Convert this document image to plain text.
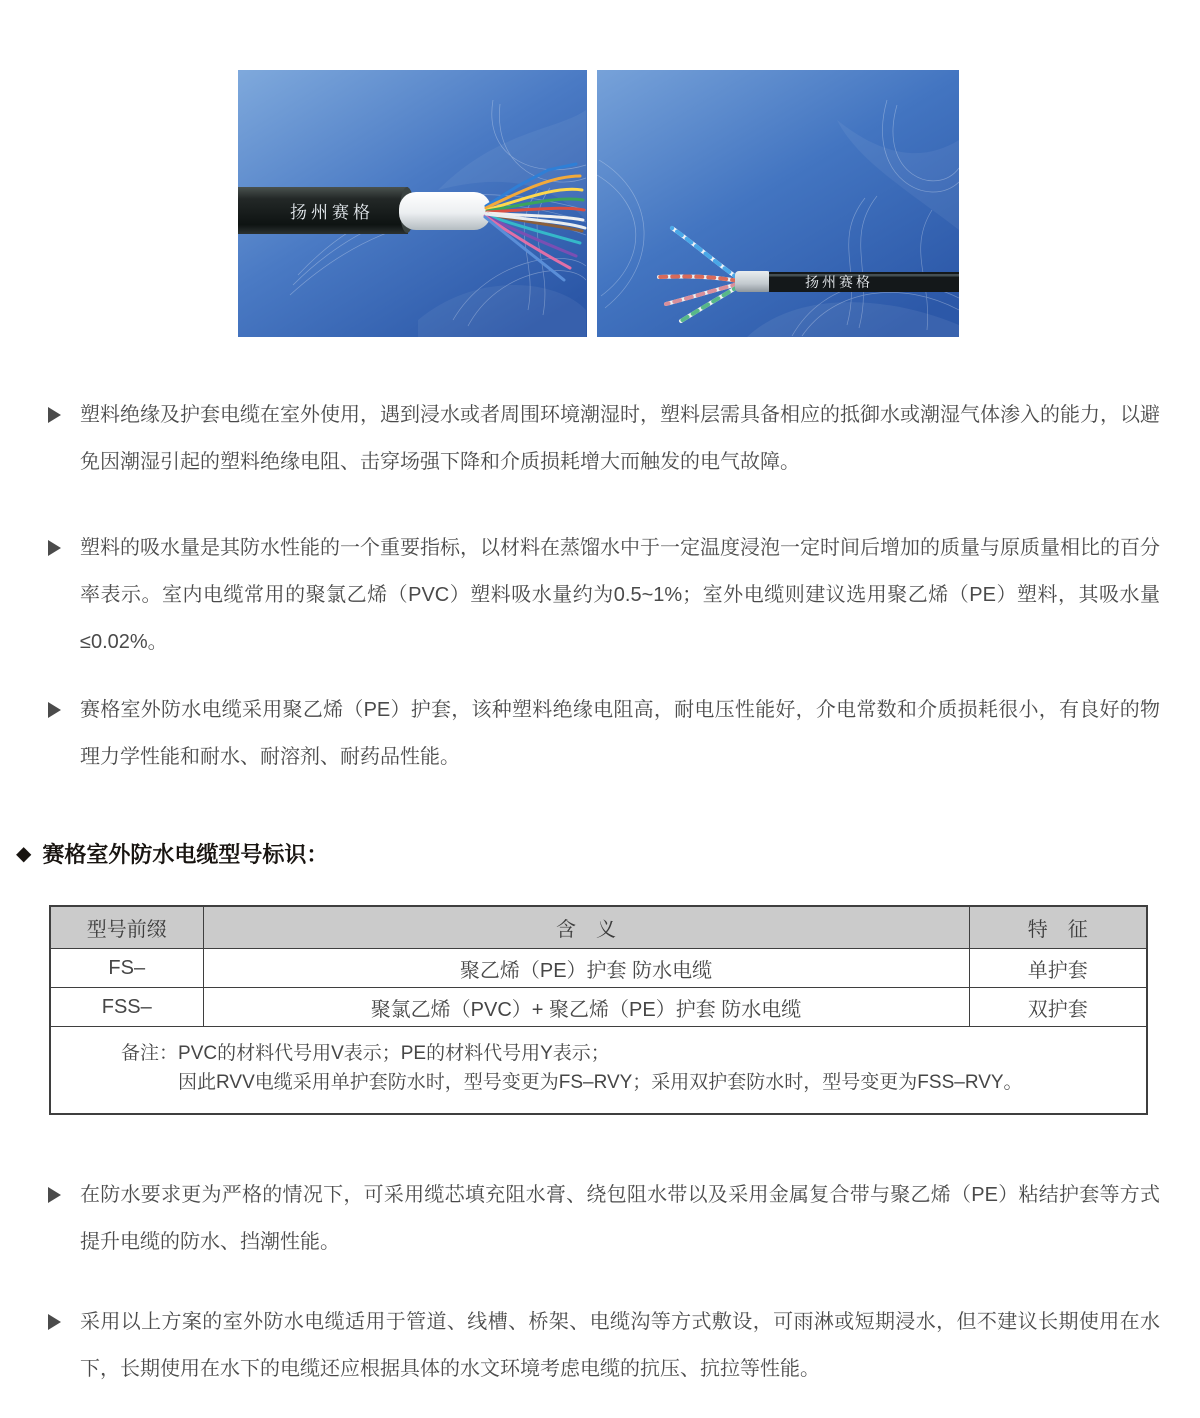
扬州赛格
扬州赛格

塑料绝缘及护套电缆在室外使用，遇到浸水或者周围环境潮湿时，塑料层需具备相应的抵御水或潮湿气体渗入的能力，以避免因潮湿引起的塑料绝缘电阻、击穿场强下降和介质损耗增大而触发的电气故障。

塑料的吸水量是其防水性能的一个重要指标，以材料在蒸馏水中于一定温度浸泡一定时间后增加的质量与原质量相比的百分率表示。室内电缆常用的聚氯乙烯（PVC）塑料吸水量约为0.5~1%；室外电缆则建议选用聚乙烯（PE）塑料，其吸水量≤0.02%。

赛格室外防水电缆采用聚乙烯（PE）护套，该种塑料绝缘电阻高，耐电压性能好，介电常数和介质损耗很小，有良好的物理力学性能和耐水、耐溶剂、耐药品性能。

◆ 赛格室外防水电缆型号标识：
型号前缀	含　义	特　征
FS–	聚乙烯（PE）护套 防水电缆	单护套
FSS–	聚氯乙烯（PVC）+ 聚乙烯（PE）护套 防水电缆	双护套

备注： PVC的材料代号用V表示；PE的材料代号用Y表示；
因此RVV电缆采用单护套防水时，型号变更为FS–RVY；采用双护套防水时，型号变更为FSS–RVY。		

在防水要求更为严格的情况下，可采用缆芯填充阻水膏、绕包阻水带以及采用金属复合带与聚乙烯（PE）粘结护套等方式提升电缆的防水、挡潮性能。

采用以上方案的室外防水电缆适用于管道、线槽、桥架、电缆沟等方式敷设，可雨淋或短期浸水，但不建议长期使用在水下，长期使用在水下的电缆还应根据具体的水文环境考虑电缆的抗压、抗拉等性能。
